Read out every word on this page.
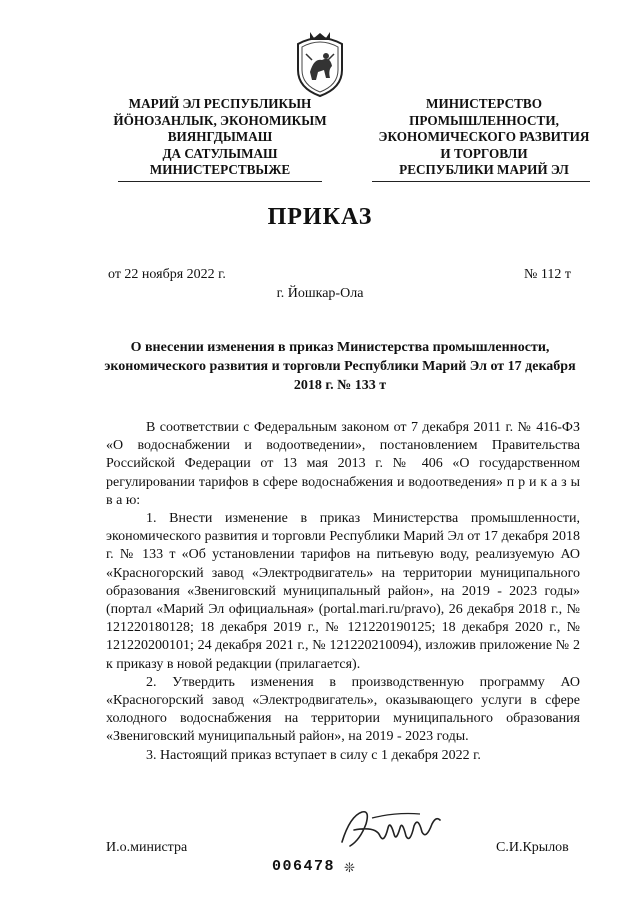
МАРИЙ ЭЛ РЕСПУБЛИКЫН
ЙӦНОЗАНЛЫК, ЭКОНОМИКЫМ
ВИЯНГДЫМАШ
ДА САТУЛЫМАШ
МИНИСТЕРСТВЫЖЕ
МИНИСТЕРСТВО
ПРОМЫШЛЕННОСТИ,
ЭКОНОМИЧЕСКОГО РАЗВИТИЯ
И ТОРГОВЛИ
РЕСПУБЛИКИ МАРИЙ ЭЛ
ПРИКАЗ
от 22 ноября 2022 г.	№ 112 т
г. Йошкар-Ола
О внесении изменения в приказ Министерства промышленности, экономического развития и торговли Республики Марий Эл от 17 декабря 2018 г. № 133 т

В соответствии с Федеральным законом от 7 декабря 2011 г. № 416-ФЗ «О водоснабжении и водоотведении», постановлением Правительства Российской Федерации от 13 мая 2013 г. № 406 «О государственном регулировании тарифов в сфере водоснабжения и водоотведения» п р и к а з ы в а ю:

1. Внести изменение в приказ Министерства промышленности, экономического развития и торговли Республики Марий Эл от 17 декабря 2018 г. № 133 т «Об установлении тарифов на питьевую воду, реализуемую АО «Красногорский завод «Электродвигатель» на территории муниципального образования «Звениговский муниципальный район», на 2019 - 2023 годы» (портал «Марий Эл официальная» (portal.mari.ru/pravo), 26 декабря 2018 г., № 121220180128; 18 декабря 2019 г., № 121220190125; 18 декабря 2020 г., № 121220200101; 24 декабря 2021 г., № 121220210094), изложив приложение № 2 к приказу в новой редакции (прилагается).

2. Утвердить изменения в производственную программу АО «Красногорский завод «Электродвигатель», оказывающего услуги в сфере холодного водоснабжения на территории муниципального образования «Звениговский муниципальный район», на 2019 - 2023 годы.

3. Настоящий приказ вступает в силу с 1 декабря 2022 г.

И.о.министра	С.И.Крылов
006478 ❊
